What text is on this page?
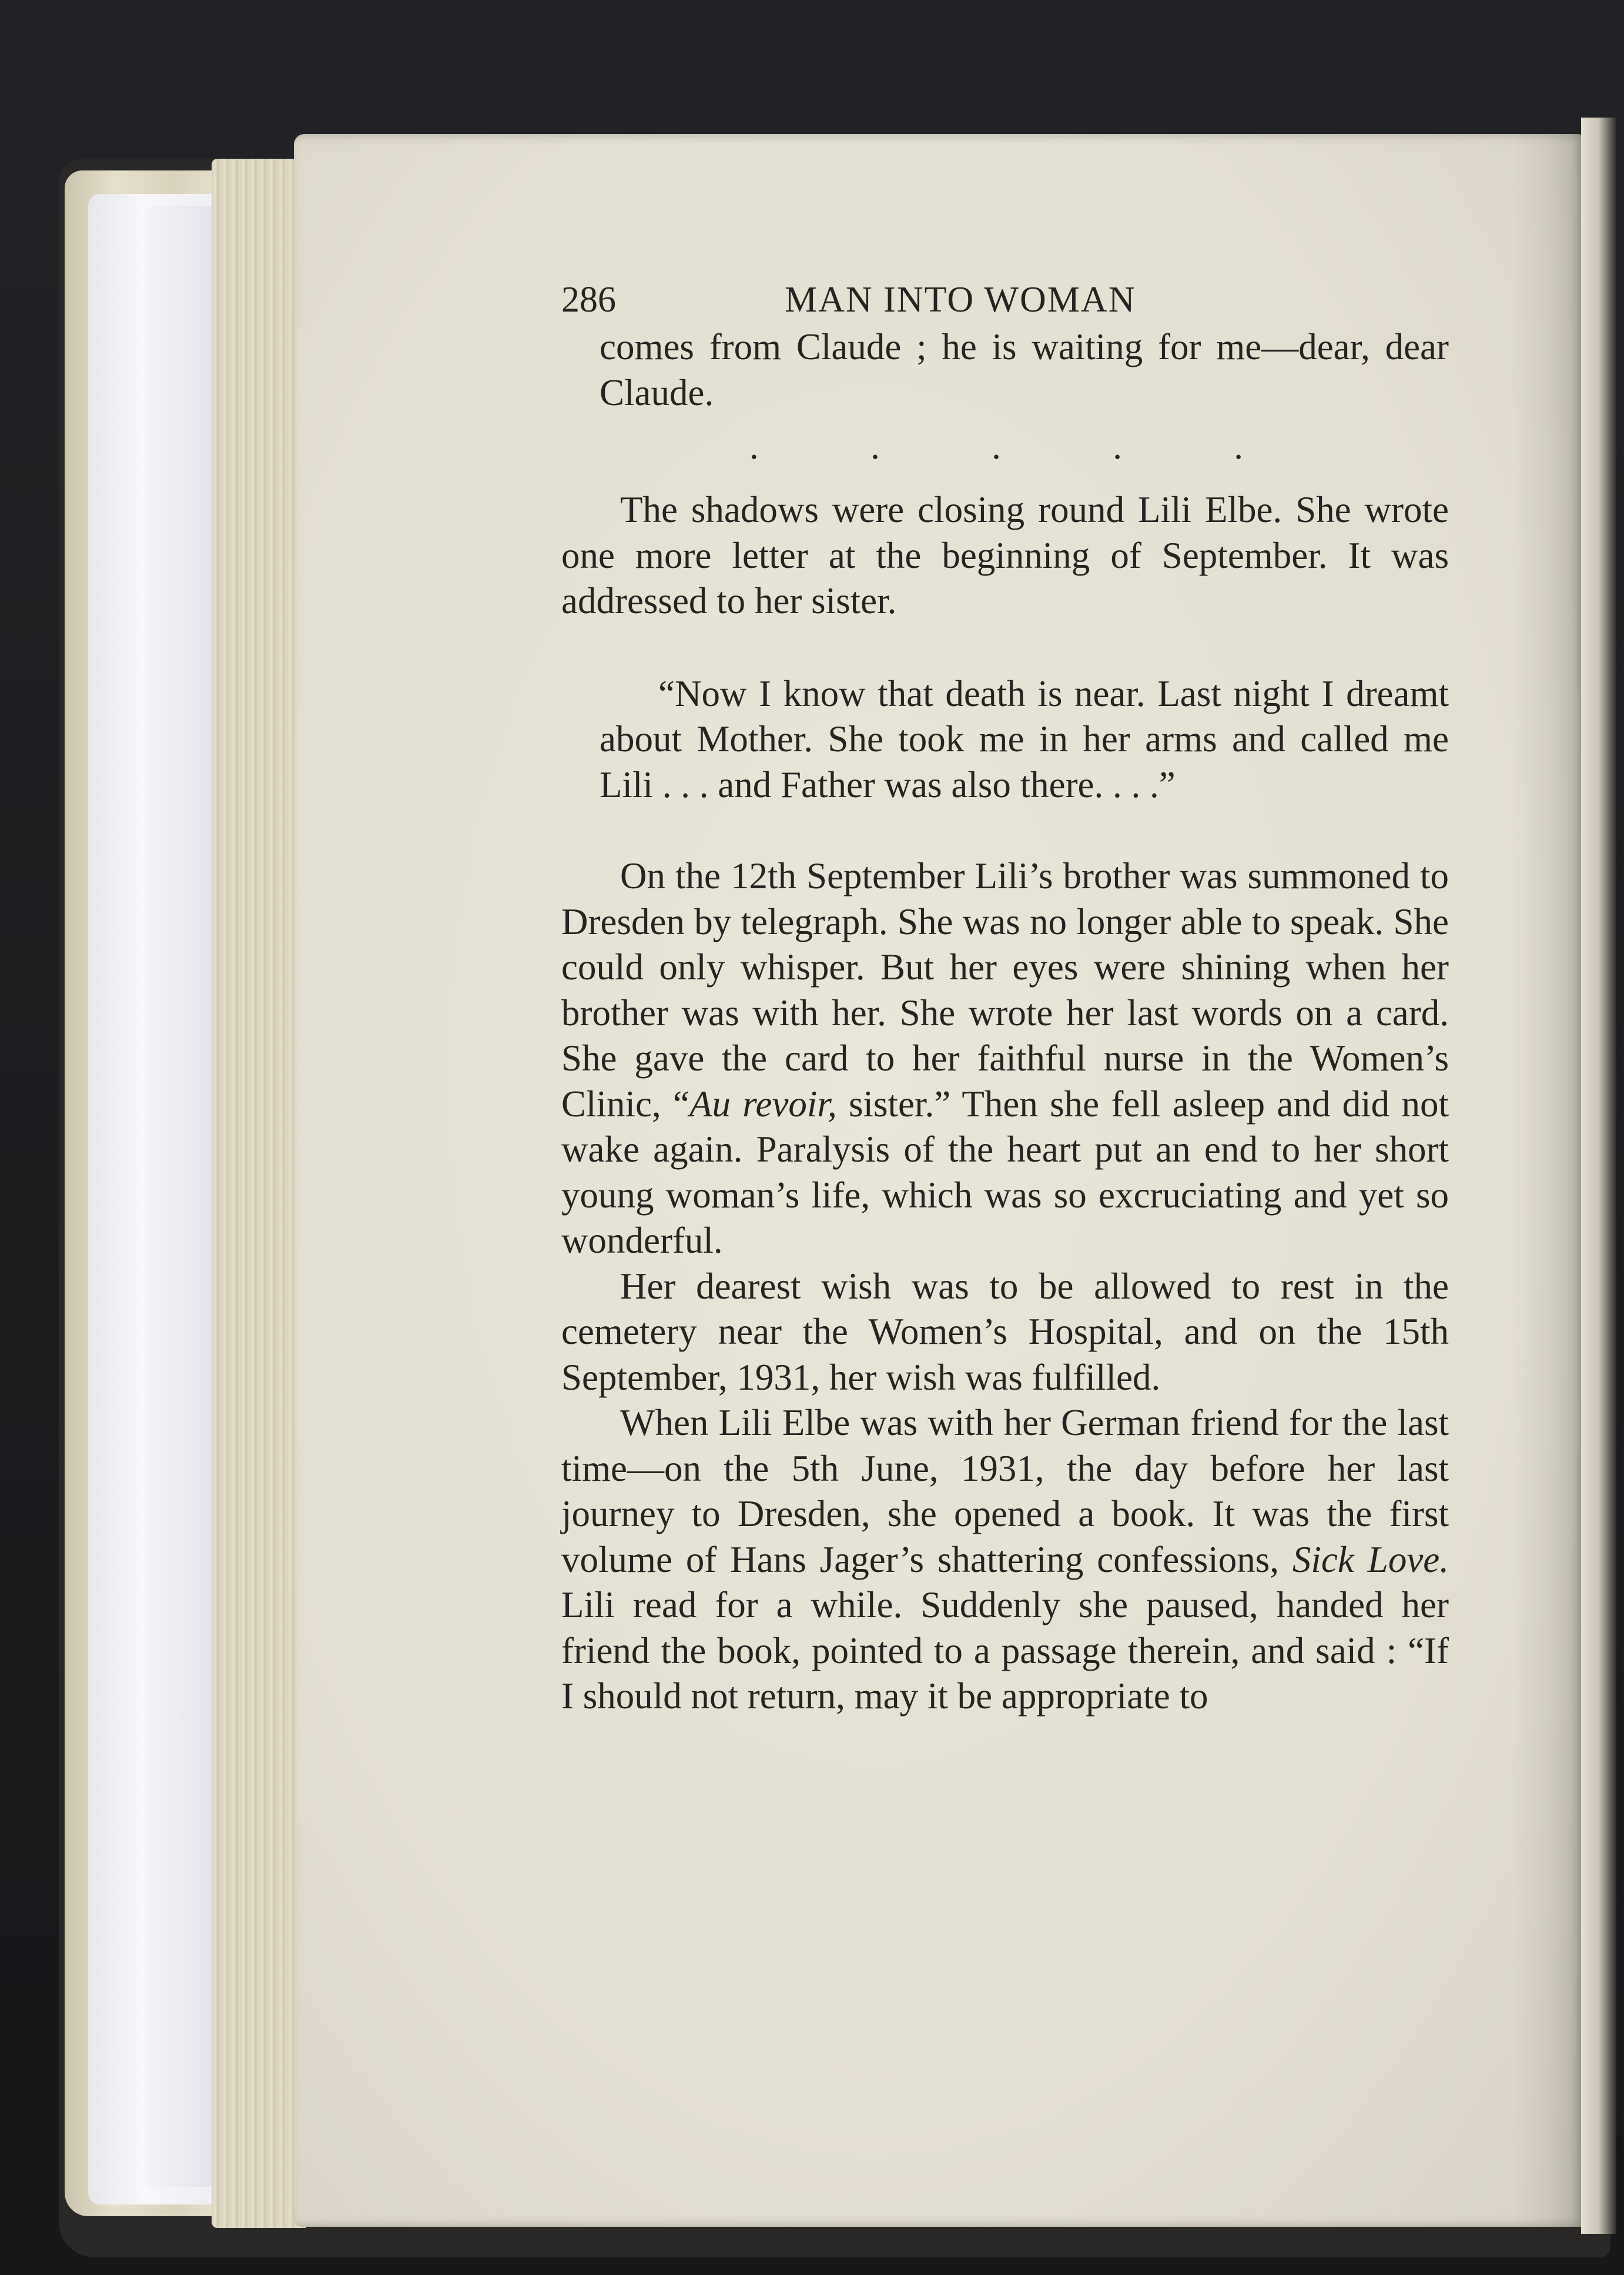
286	MAN INTO WOMAN

comes from Claude ; he is waiting for me—dear, dear Claude.

.	.	.	.	.

The shadows were closing round Lili Elbe. She wrote one more letter at the beginning of September. It was addressed to her sister.

“Now I know that death is near. Last night I dreamt about Mother. She took me in her arms and called me Lili . . . and Father was also there. . . .”

On the 12th September Lili’s brother was summoned to Dresden by telegraph. She was no longer able to speak. She could only whisper. But her eyes were shining when her brother was with her. She wrote her last words on a card. She gave the card to her faithful nurse in the Women’s Clinic, “Au revoir, sister.” Then she fell asleep and did not wake again. Paralysis of the heart put an end to her short young woman’s life, which was so excruciating and yet so wonderful.

Her dearest wish was to be allowed to rest in the cemetery near the Women’s Hospital, and on the 15th September, 1931, her wish was fulfilled.

When Lili Elbe was with her German friend for the last time—on the 5th June, 1931, the day before her last journey to Dresden, she opened a book. It was the first volume of Hans Jager’s shattering confessions, Sick Love. Lili read for a while. Suddenly she paused, handed her friend the book, pointed to a passage therein, and said : “If I should not return, may it be appropriate to
